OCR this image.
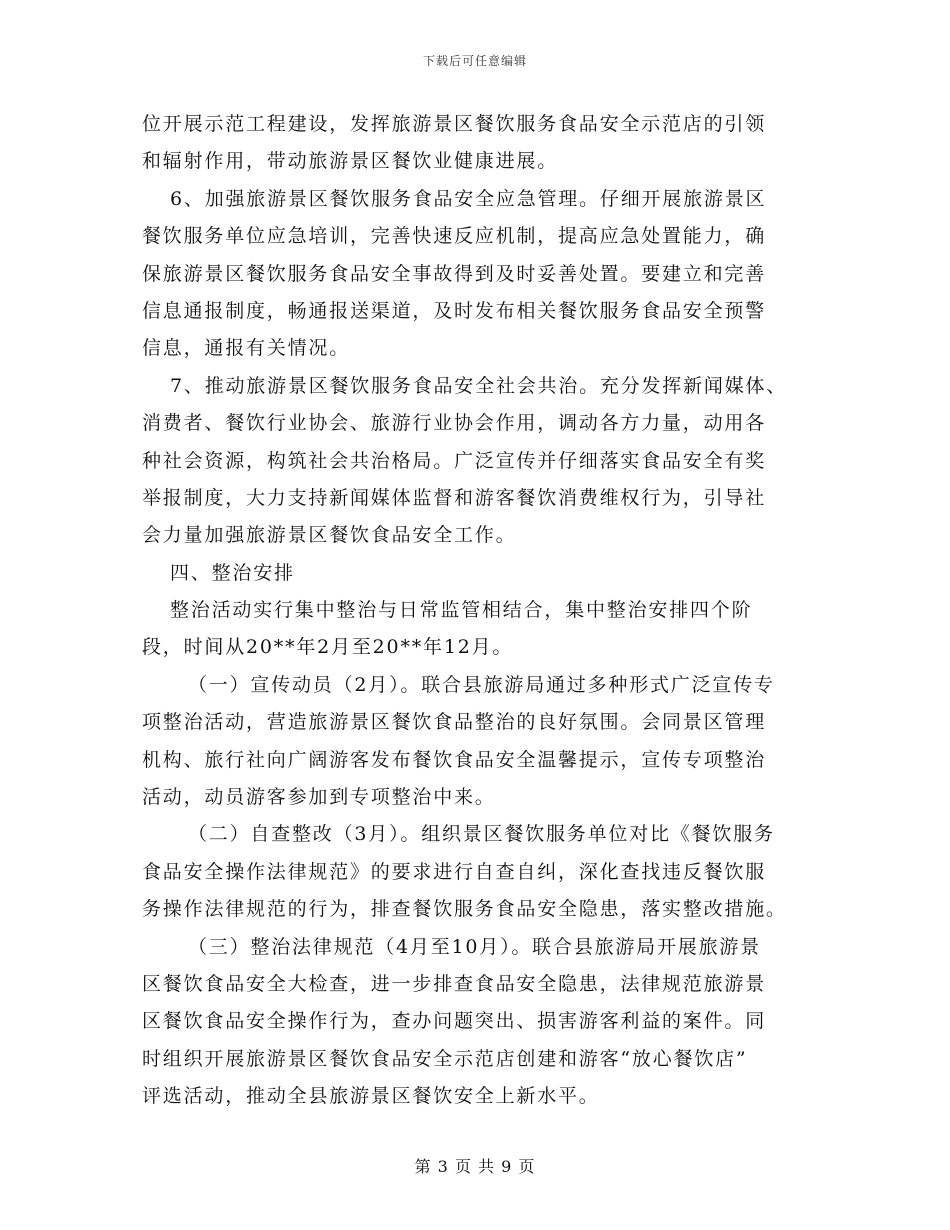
下载后可任意编辑
位开展示范工程建设，发挥旅游景区餐饮服务食品安全示范店的引领
和辐射作用，带动旅游景区餐饮业健康进展。
6、加强旅游景区餐饮服务食品安全应急管理。仔细开展旅游景区
餐饮服务单位应急培训，完善快速反应机制，提高应急处置能力，确
保旅游景区餐饮服务食品安全事故得到及时妥善处置。要建立和完善
信息通报制度，畅通报送渠道，及时发布相关餐饮服务食品安全预警
信息，通报有关情况。
7、推动旅游景区餐饮服务食品安全社会共治。充分发挥新闻媒体、
消费者、餐饮行业协会、旅游行业协会作用，调动各方力量，动用各
种社会资源，构筑社会共治格局。广泛宣传并仔细落实食品安全有奖
举报制度，大力支持新闻媒体监督和游客餐饮消费维权行为，引导社
会力量加强旅游景区餐饮食品安全工作。
四、整治安排
整治活动实行集中整治与日常监管相结合，集中整治安排四个阶
段，时间从20**年2月至20**年12月。
（一）宣传动员（2月）。联合县旅游局通过多种形式广泛宣传专
项整治活动，营造旅游景区餐饮食品整治的良好氛围。会同景区管理
机构、旅行社向广阔游客发布餐饮食品安全温馨提示，宣传专项整治
活动，动员游客参加到专项整治中来。
（二）自查整改（3月）。组织景区餐饮服务单位对比《餐饮服务
食品安全操作法律规范》的要求进行自查自纠，深化查找违反餐饮服
务操作法律规范的行为，排查餐饮服务食品安全隐患，落实整改措施。
（三）整治法律规范（4月至10月）。联合县旅游局开展旅游景
区餐饮食品安全大检查，进一步排查食品安全隐患，法律规范旅游景
区餐饮食品安全操作行为，查办问题突出、损害游客利益的案件。同
时组织开展旅游景区餐饮食品安全示范店创建和游客“放心餐饮店”
评选活动，推动全县旅游景区餐饮安全上新水平。
第 3 页 共 9 页
